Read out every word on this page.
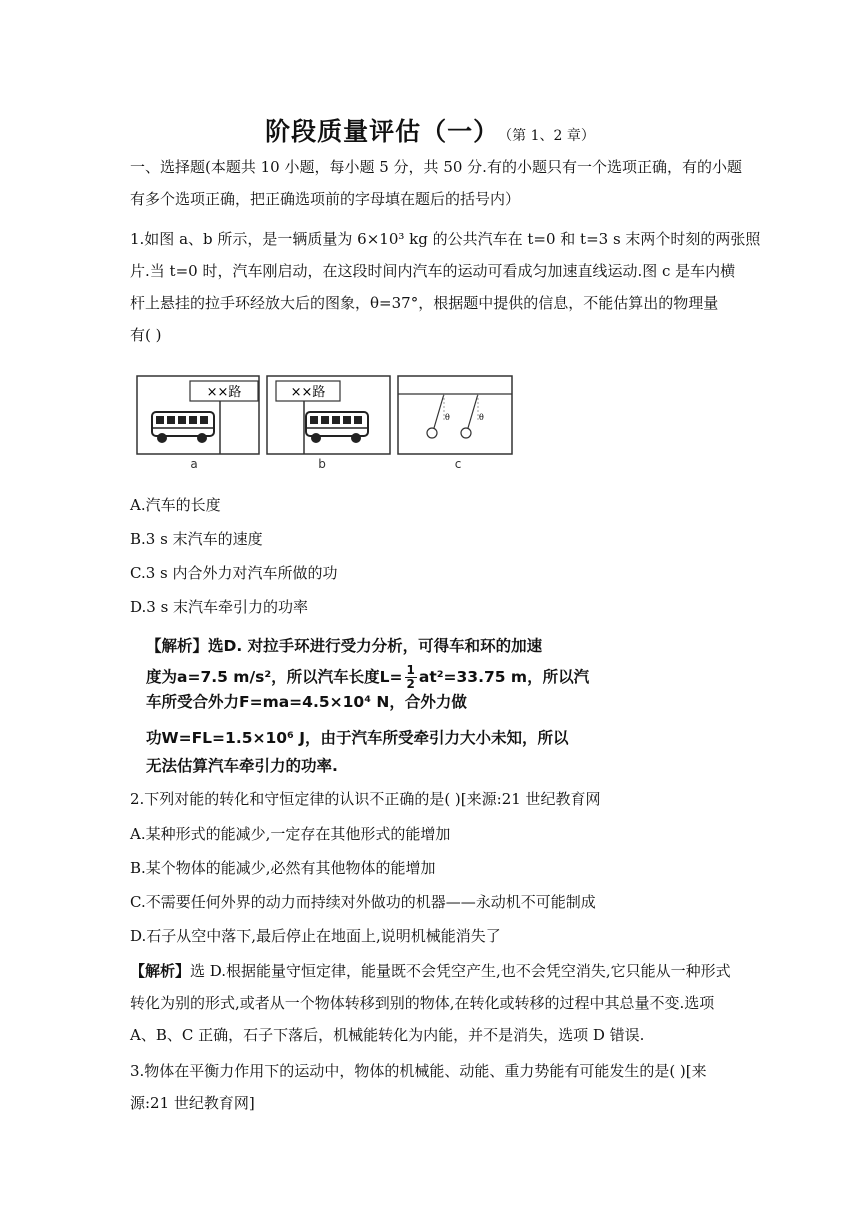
阶段质量评估（一） （第 1、2 章）
一、选择题(本题共 10 小题，每小题 5 分，共 50 分.有的小题只有一个选项正确，有的小题
有多个选项正确，把正确选项前的字母填在题后的括号内）
1.如图 a、b 所示，是一辆质量为 6×10³ kg 的公共汽车在 t=0 和 t=3 s 末两个时刻的两张照
片.当 t=0 时，汽车刚启动，在这段时间内汽车的运动可看成匀加速直线运动.图 c 是车内横
杆上悬挂的拉手环经放大后的图象，θ=37°，根据题中提供的信息，不能估算出的物理量
有( )
××路
a
××路
b
θ	θ
c
A.汽车的长度
B.3 s 末汽车的速度
C.3 s 内合外力对汽车所做的功
D.3 s 末汽车牵引力的功率
【解析】选D. 对拉手环进行受力分析，可得车和环的加速
度为a=7.5 m/s²，所以汽车长度$L= \frac{1}{2} at^2=33.75$ m，所以汽
车所受合外力F=ma=4.5×10⁴ N，合外力做
功W=FL=1.5×10⁶ J，由于汽车所受牵引力大小未知，所以
无法估算汽车牵引力的功率.
2.下列对能的转化和守恒定律的认识不正确的是( )[来源:21 世纪教育网
A.某种形式的能减少,一定存在其他形式的能增加
B.某个物体的能减少,必然有其他物体的能增加
C.不需要任何外界的动力而持续对外做功的机器——永动机不可能制成
D.石子从空中落下,最后停止在地面上,说明机械能消失了
【解析】选 D.根据能量守恒定律，能量既不会凭空产生,也不会凭空消失,它只能从一种形式
转化为别的形式,或者从一个物体转移到别的物体,在转化或转移的过程中其总量不变.选项
A、B、C 正确，石子下落后，机械能转化为内能，并不是消失，选项 D 错误.
3.物体在平衡力作用下的运动中，物体的机械能、动能、重力势能有可能发生的是( )[来
源:21 世纪教育网]
